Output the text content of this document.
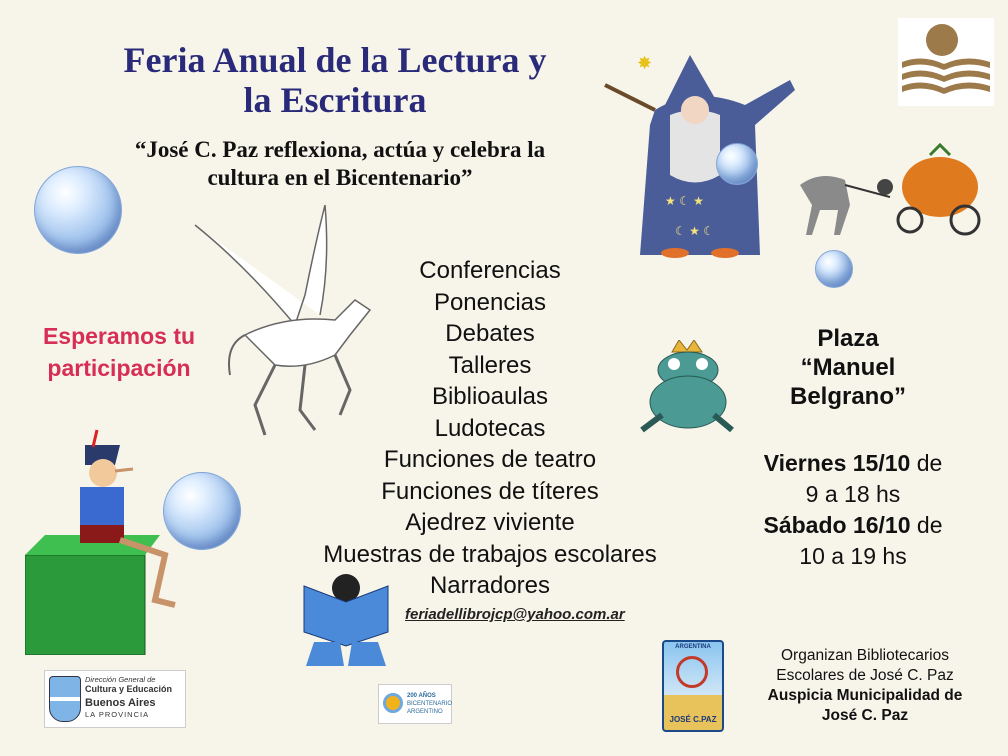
Feria Anual de la Lectura y
la Escritura
“José C. Paz reflexiona, actúa y celebra la
cultura en el Bicentenario”
✸
★ ☾ ★
☾ ★ ☾
Esperamos tu
participación
Conferencias
Ponencias
Debates
Talleres
Biblioaulas
Ludotecas
Funciones de teatro
Funciones de títeres
Ajedrez viviente
Muestras de trabajos escolares
Narradores
Plaza
“Manuel
Belgrano”
Viernes 15/10 de
9 a 18 hs
Sábado 16/10 de
10 a 19 hs
feriadellibrojcp@yahoo.com.ar
Dirección General de
Cultura y Educación
Buenos Aires
LA PROVINCIA
200 AÑOS
BICENTENARIO
ARGENTINO
ARGENTINA
JOSÉ C.PAZ
Organizan Bibliotecarios
Escolares de José C. Paz
Auspicia Municipalidad de
José C. Paz
